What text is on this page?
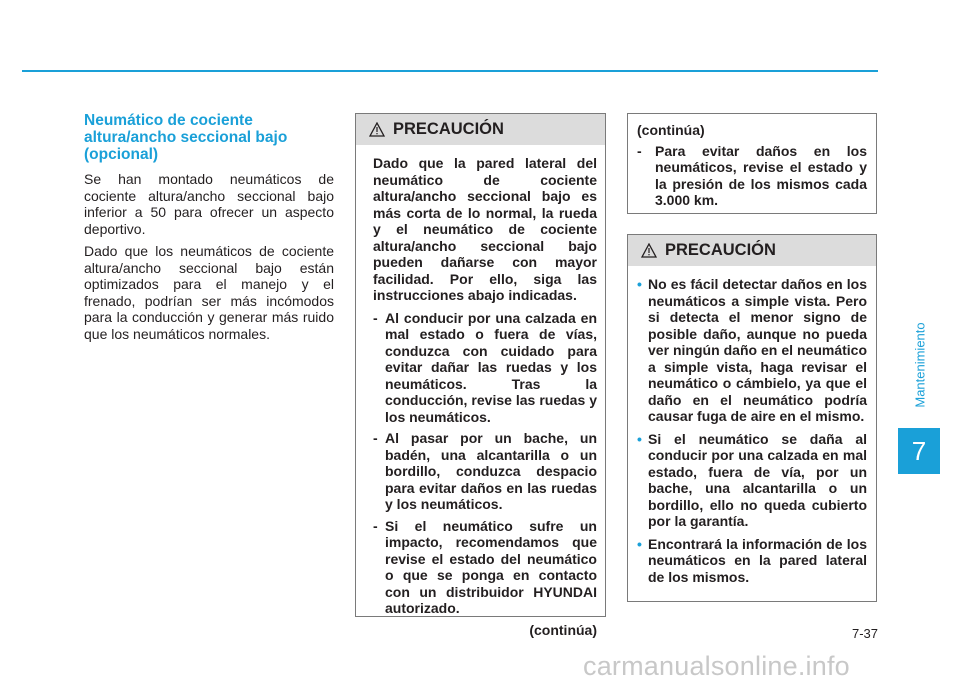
Mantenimiento
7
Neumático de cociente altura/ancho seccional bajo (opcional)

Se han montado neumáticos de cociente altura/ancho seccional bajo inferior a 50 para ofrecer un aspecto deportivo.

Dado que los neumáticos de cociente altura/ancho seccional bajo están optimizados para el manejo y el frenado, podrían ser más incómodos para la conducción y generar más ruido que los neumáticos normales.

PRECAUCIÓN

Dado que la pared lateral del neumático de cociente altura/ancho seccional bajo es más corta de lo normal, la rueda y el neumático de cociente altura/ancho seccional bajo pueden dañarse con mayor facilidad. Por ello, siga las instrucciones abajo indicadas.

- Al conducir por una calzada en mal estado o fuera de vías, conduzca con cuidado para evitar dañar las ruedas y los neumáticos. Tras la conducción, revise las ruedas y los neumáticos.
- Al pasar por un bache, un badén, una alcantarilla o un bordillo, conduzca despacio para evitar daños en las ruedas y los neumáticos.
- Si el neumático sufre un impacto, recomendamos que revise el estado del neumático o que se ponga en contacto con un distribuidor HYUNDAI autorizado.
(continúa)
(continúa)
- Para evitar daños en los neumáticos, revise el estado y la presión de los mismos cada 3.000 km.
PRECAUCIÓN
• No es fácil detectar daños en los neumáticos a simple vista. Pero si detecta el menor signo de posible daño, aunque no pueda ver ningún daño en el neumático a simple vista, haga revisar el neumático o cámbielo, ya que el daño en el neumático podría causar fuga de aire en el mismo.
• Si el neumático se daña al conducir por una calzada en mal estado, fuera de vía, por un bache, una alcantarilla o un bordillo, ello no queda cubierto por la garantía.
• Encontrará la información de los neumáticos en la pared lateral de los mismos.
7-37
carmanualsonline.info
